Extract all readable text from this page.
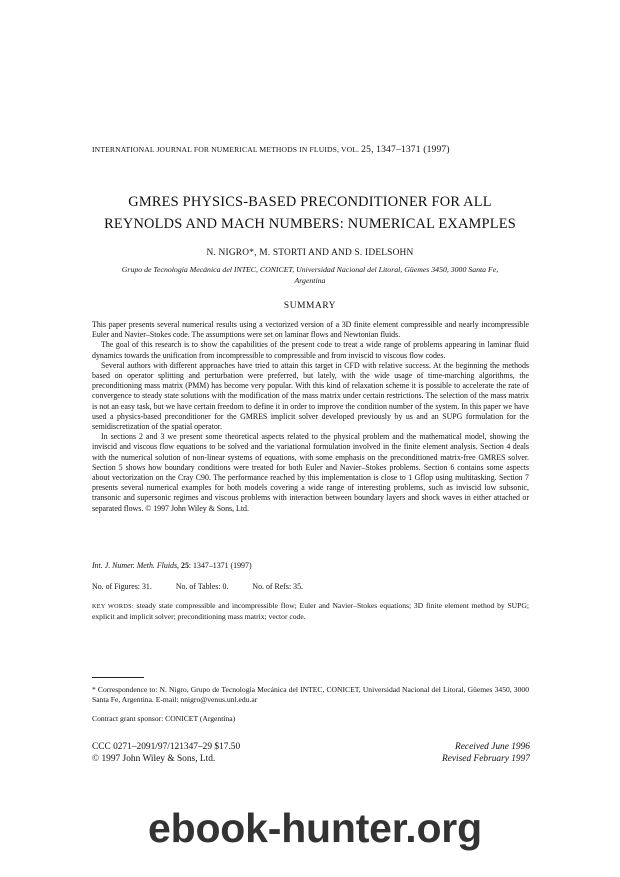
INTERNATIONAL JOURNAL FOR NUMERICAL METHODS IN FLUIDS, VOL. 25, 1347–1371 (1997)
GMRES PHYSICS-BASED PRECONDITIONER FOR ALL
REYNOLDS AND MACH NUMBERS: NUMERICAL EXAMPLES
N. NIGRO*, M. STORTI AND AND S. IDELSOHN
Grupo de Tecnología Mecánica del INTEC, CONICET, Universidad Nacional del Litoral, Güemes 3450, 3000 Santa Fe, Argentina
SUMMARY

This paper presents several numerical results using a vectorized version of a 3D finite element compressible and nearly incompressible Euler and Navier–Stokes code. The assumptions were set on laminar flows and Newtonian fluids.

The goal of this research is to show the capabilities of the present code to treat a wide range of problems appearing in laminar fluid dynamics towards the unification from incompressible to compressible and from inviscid to viscous flow codes.

Several authors with different approaches have tried to attain this target in CFD with relative success. At the beginning the methods based on operator splitting and perturbation were preferred, but lately, with the wide usage of time-marching algorithms, the preconditioning mass matrix (PMM) has become very popular. With this kind of relaxation scheme it is possible to accelerate the rate of convergence to steady state solutions with the modification of the mass matrix under certain restrictions. The selection of the mass matrix is not an easy task, but we have certain freedom to define it in order to improve the condition number of the system. In this paper we have used a physics-based preconditioner for the GMRES implicit solver developed previously by us and an SUPG formulation for the semidiscretization of the spatial operator.

In sections 2 and 3 we present some theoretical aspects related to the physical problem and the mathematical model, showing the inviscid and viscous flow equations to be solved and the variational formulation involved in the finite element analysis. Section 4 deals with the numerical solution of non-linear systems of equations, with some emphasis on the preconditioned matrix-free GMRES solver. Section 5 shows how boundary conditions were treated for both Euler and Navier–Stokes problems. Section 6 contains some aspects about vectorization on the Cray C90. The performance reached by this implementation is close to 1 Gflop using multitasking. Section 7 presents several numerical examples for both models covering a wide range of interesting problems, such as inviscid low subsonic, transonic and supersonic regimes and viscous problems with interaction between boundary layers and shock waves in either attached or separated flows. © 1997 John Wiley & Sons, Ltd.

Int. J. Numer. Meth. Fluids, 25: 1347–1371 (1997)
No. of Figures: 31.	No. of Tables: 0.	No. of Refs: 35.
KEY WORDS: steady state compressible and incompressible flow; Euler and Navier–Stokes equations; 3D finite element method by SUPG; explicit and implicit solver; preconditioning mass matrix; vector code.
* Correspondence to: N. Nigro, Grupo de Tecnología Mecánica del INTEC, CONICET, Universidad Nacional del Litoral, Güemes 3450, 3000 Santa Fe, Argentina. E-mail: nnigro@venus.unl.edu.ar
Contract grant sponsor: CONICET (Argentina)
CCC 0271–2091/97/121347–29 $17.50
© 1997 John Wiley & Sons, Ltd.
Received June 1996
Revised February 1997
ebook-hunter.org
